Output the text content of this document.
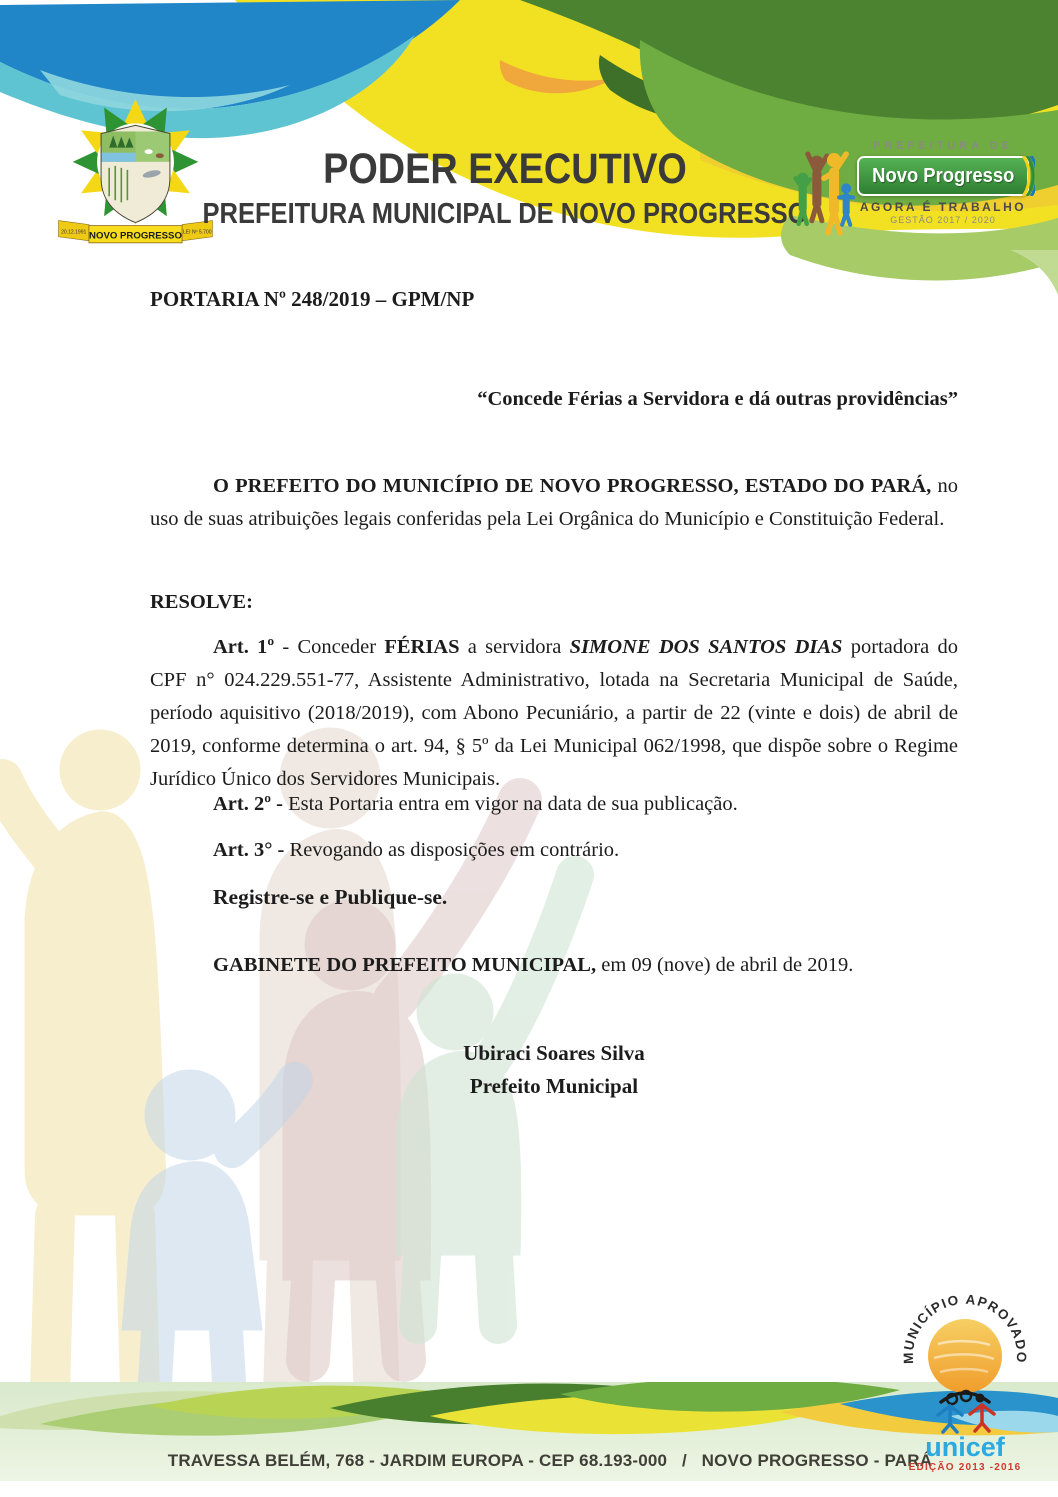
20.12.1991	LEI Nº 5.700
NOVO PROGRESSO
PODER EXECUTIVO
PREFEITURA MUNICIPAL DE NOVO PROGRESSO
PREFEITURA DE
Novo Progresso
AGORA É TRABALHO
GESTÃO 2017 / 2020

PORTARIA Nº 248/2019 – GPM/NP

“Concede Férias a Servidora e dá outras providências”

O PREFEITO DO MUNICÍPIO DE NOVO PROGRESSO, ESTADO DO PARÁ, no uso de suas atribuições legais conferidas pela Lei Orgânica do Município e Constituição Federal.

RESOLVE:

Art. 1º - Conceder FÉRIAS a servidora SIMONE DOS SANTOS DIAS portadora do CPF n° 024.229.551-77, Assistente Administrativo, lotada na Secretaria Municipal de Saúde, período aquisitivo (2018/2019), com Abono Pecuniário, a partir de 22 (vinte e dois) de abril de 2019, conforme determina o art. 94, § 5º da Lei Municipal 062/1998, que dispõe sobre o Regime Jurídico Único dos Servidores Municipais.

Art. 2º - Esta Portaria entra em vigor na data de sua publicação.

Art. 3° - Revogando as disposições em contrário.

Registre-se e Publique-se.

GABINETE DO PREFEITO MUNICIPAL, em 09 (nove) de abril de 2019.

Ubiraci Soares Silva
Prefeito Municipal
TRAVESSA BELÉM, 768 - JARDIM EUROPA - CEP 68.193-000   /   NOVO PROGRESSO - PARÁ
MUNICÍPIO APROVADO
unicef
EDIÇÃO 2013 -2016
